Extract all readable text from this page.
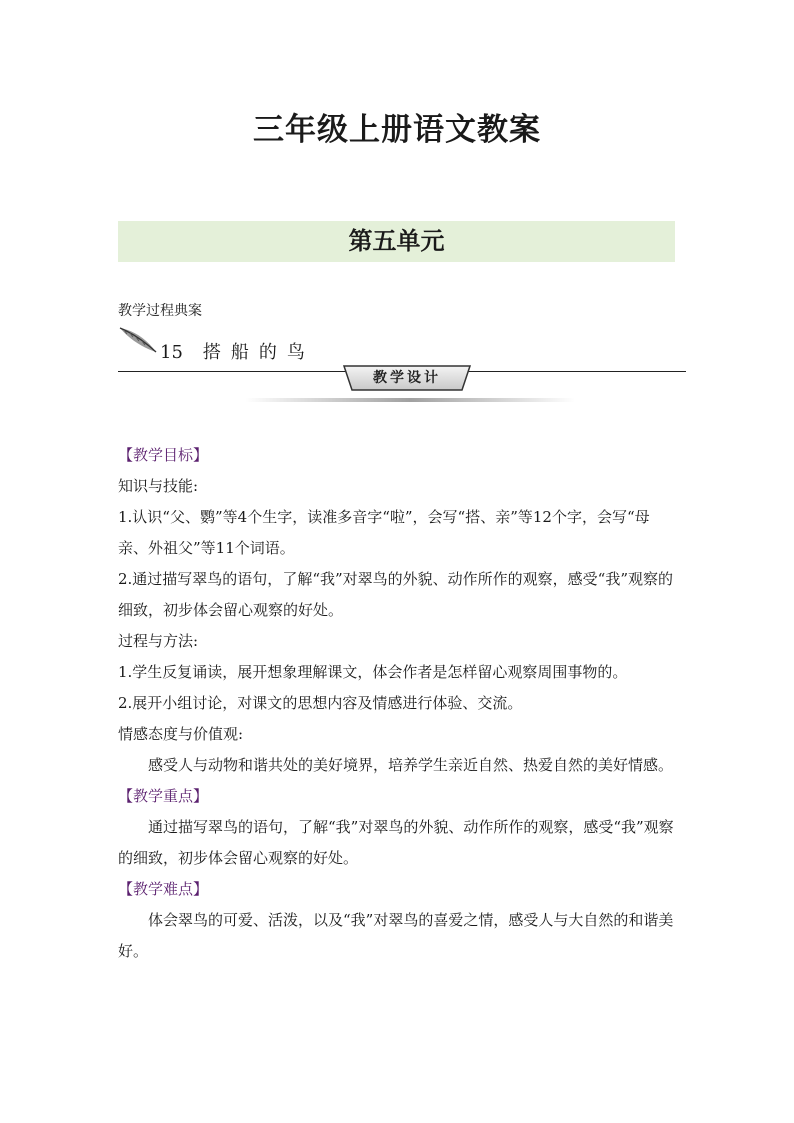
三年级上册语文教案
第五单元
教学过程典案
15 搭船的鸟
教学设计

【教学目标】

知识与技能:

1.认识“父、鹦”等4个生字，读准多音字“啦”，会写“搭、亲”等12个字，会写“母亲、外祖父”等11个词语。

2.通过描写翠鸟的语句，了解“我”对翠鸟的外貌、动作所作的观察，感受“我”观察的细致，初步体会留心观察的好处。

过程与方法:

1.学生反复诵读，展开想象理解课文，体会作者是怎样留心观察周围事物的。

2.展开小组讨论，对课文的思想内容及情感进行体验、交流。

情感态度与价值观:

感受人与动物和谐共处的美好境界，培养学生亲近自然、热爱自然的美好情感。

【教学重点】

通过描写翠鸟的语句，了解“我”对翠鸟的外貌、动作所作的观察，感受“我”观察的细致，初步体会留心观察的好处。

【教学难点】

体会翠鸟的可爱、活泼，以及“我”对翠鸟的喜爱之情，感受人与大自然的和谐美好。
